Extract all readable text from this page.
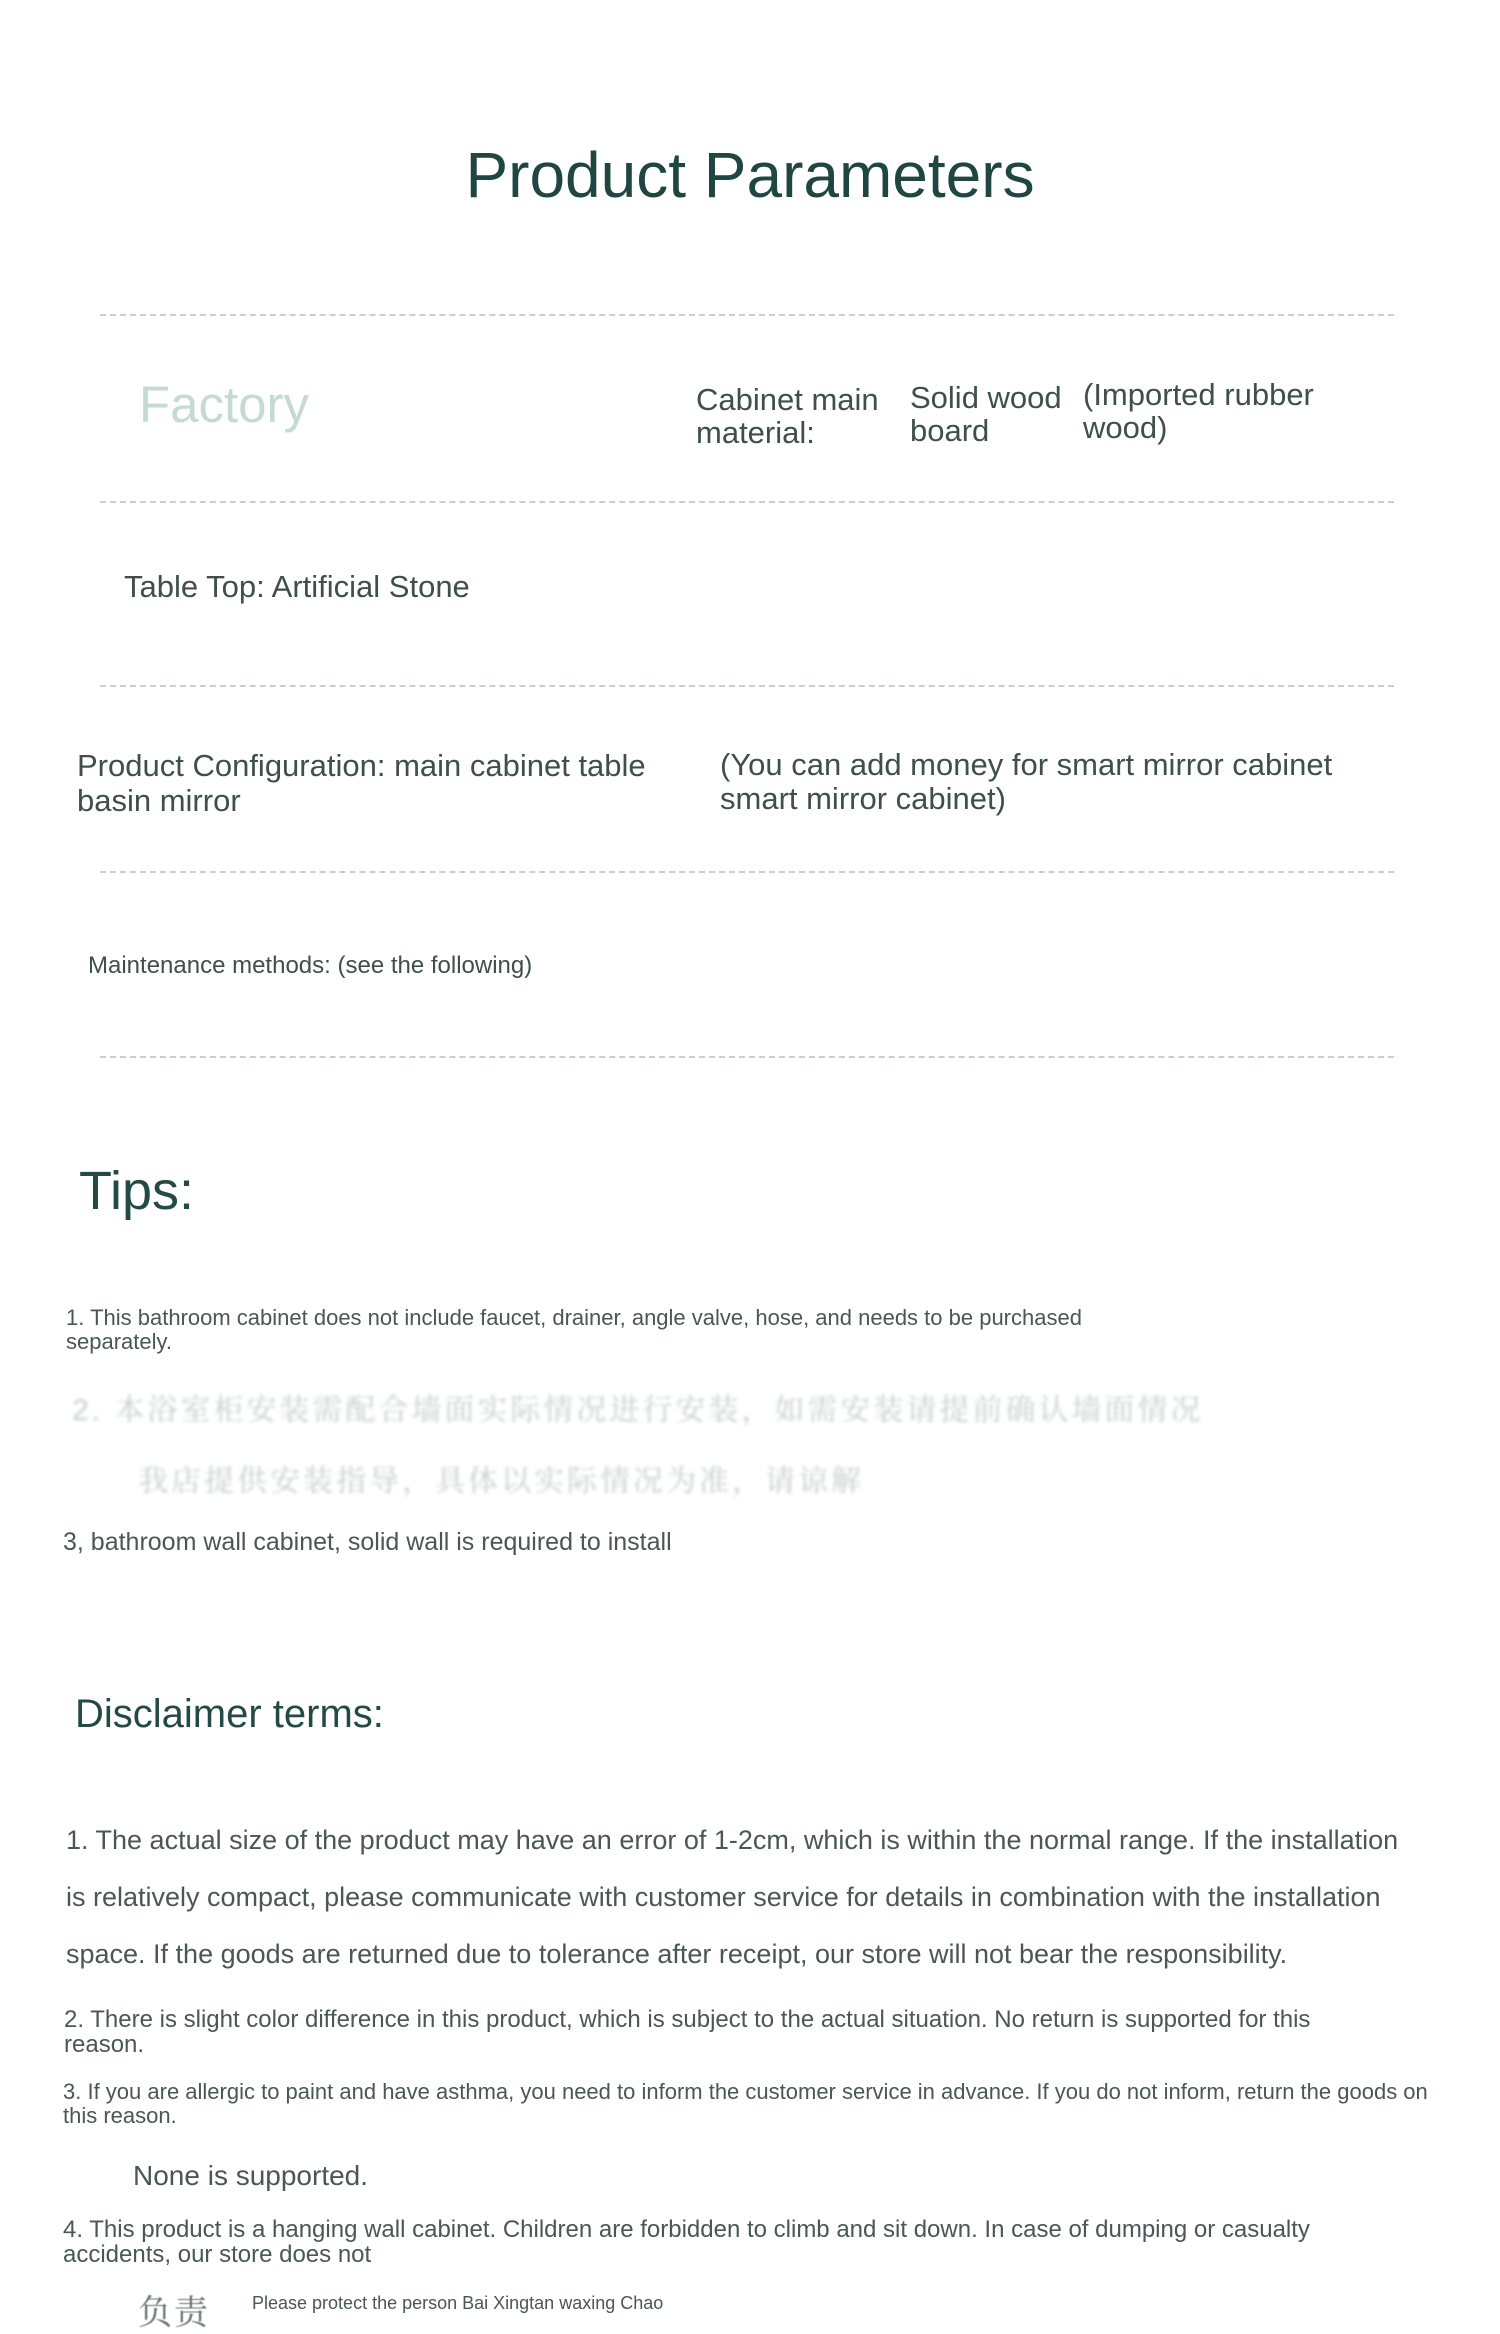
Product Parameters
Factory	Cabinet main material:
Solid wood board
(Imported rubber wood)
Table Top: Artificial Stone
Product Configuration: main cabinet table basin mirror
(You can add money for smart mirror cabinet smart mirror cabinet)
Maintenance methods: (see the following)
Tips:
1. This bathroom cabinet does not include faucet, drainer, angle valve, hose, and needs to be purchased separately.
2. 本浴室柜安装需配合墙面实际情况进行安装，如需安装请提前确认墙面情况
我店提供安装指导，具体以实际情况为准，请谅解
3, bathroom wall cabinet, solid wall is required to install
Disclaimer terms:
1. The actual size of the product may have an error of 1-2cm, which is within the normal range. If the installation is relatively compact, please communicate with customer service for details in combination with the installation space. If the goods are returned due to tolerance after receipt, our store will not bear the responsibility.
2. There is slight color difference in this product, which is subject to the actual situation. No return is supported for this reason.
3. If you are allergic to paint and have asthma, you need to inform the customer service in advance. If you do not inform, return the goods on this reason.
None is supported.
4. This product is a hanging wall cabinet. Children are forbidden to climb and sit down. In case of dumping or casualty accidents, our store does not
负责 Please protect the person Bai Xingtan waxing Chao
